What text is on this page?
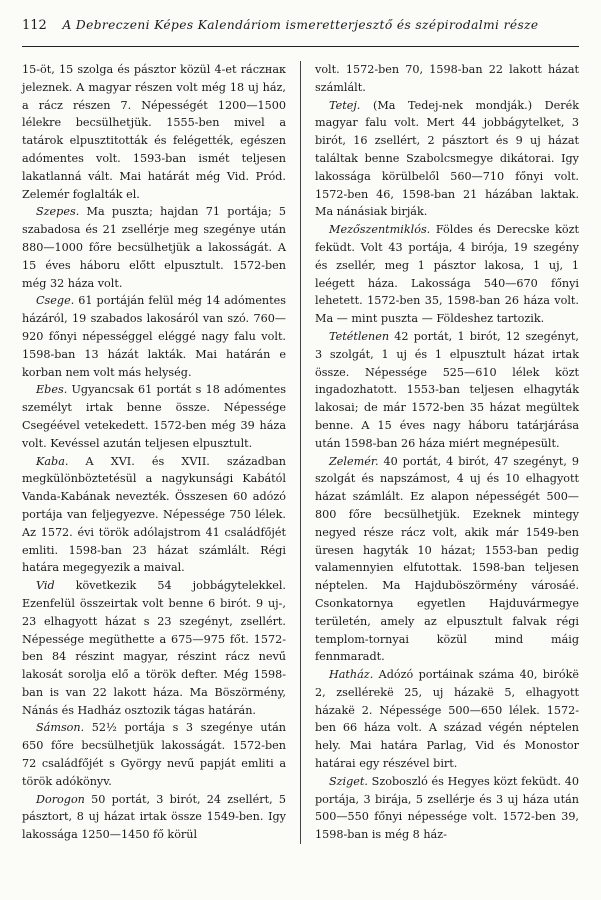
112	A Debreczeni Képes Kalendáriom ismeretterjesztő és szépirodalmi része

15-öt, 15 szolga és pásztor közül 4-et ráczнак jeleznek. A magyar részen volt még 18 uj ház, a rácz részen 7. Népességét 1200—1500 lélekre becsülhetjük. 1555-ben mivel a tatárok elpusztitották és felégették, egészen adómentes volt. 1593-ban ismét teljesen lakatlanná vált. Mai határát még Vid. Pród. Zelemér foglalták el.

Szepes. Ma puszta; hajdan 71 portája; 5 szabadosa és 21 zsellérje meg szegénye után 880—1000 főre becsülhetjük a lakosságát. A 15 éves háboru előtt elpusztult. 1572-ben még 32 háza volt.

Csege. 61 portáján felül még 14 adómentes házáról, 19 szabados lakosáról van szó. 760—920 főnyi népességgel eléggé nagy falu volt. 1598-ban 13 házát lakták. Mai határán e korban nem volt más helység.

Ebes. Ugyancsak 61 portát s 18 adómentes személyt irtak benne össze. Népessége Csegéével vetekedett. 1572-ben még 39 háza volt. Kevéssel azután teljesen elpusztult.

Kaba. A XVI. és XVII. században megkülönböztetésül a nagykunsági Kabától Vanda-Kabának nevezték. Összesen 60 adózó portája van feljegyezve. Népessége 750 lélek. Az 1572. évi török adólajstrom 41 családfőjét emliti. 1598-ban 23 házat számlált. Régi határa megegyezik a maival.

Vid következik 54 jobbágytelekkel. Ezenfelül összeirtak volt benne 6 birót. 9 uj-, 23 elhagyott házat s 23 szegényt, zsellért. Népessége megüthette a 675—975 főt. 1572-ben 84 részint magyar, részint rácz nevű lakosát sorolja elő a török defter. Még 1598-ban is van 22 lakott háza. Ma Böszörmény, Nánás és Hadház osztozik tágas határán.

Sámson. 52½ portája s 3 szegénye után 650 főre becsülhetjük lakosságát. 1572-ben 72 családfőjét s György nevű papját emliti a török adókönyv.

Dorogon 50 portát, 3 birót, 24 zsellért, 5 pásztort, 8 uj házat irtak össze 1549-ben. Igy lakossága 1250—1450 fő körül

volt. 1572-ben 70, 1598-ban 22 lakott házat számlált.

Tetej. (Ma Tedej-nek mondják.) Derék magyar falu volt. Mert 44 jobbágytelket, 3 birót, 16 zsellért, 2 pásztort és 9 uj házat találtak benne Szabolcsmegye dikátorai. Igy lakossága körülbelől 560—710 főnyi volt. 1572-ben 46, 1598-ban 21 házában laktak. Ma nánásiak birják.

Mezőszentmiklós. Földes és Derecske közt feküdt. Volt 43 portája, 4 birója, 19 szegény és zsellér, meg 1 pásztor lakosa, 1 uj, 1 leégett háza. Lakossága 540—670 főnyi lehetett. 1572-ben 35, 1598-ban 26 háza volt. Ma — mint puszta — Földeshez tartozik.

Tetétlenen 42 portát, 1 birót, 12 szegényt, 3 szolgát, 1 uj és 1 elpusztult házat irtak össze. Népessége 525—610 lélek közt ingadozhatott. 1553-ban teljesen elhagyták lakosai; de már 1572-ben 35 házat megültek benne. A 15 éves nagy háboru tatárjárása után 1598-ban 26 háza miért megnépesült.

Zelemér. 40 portát, 4 birót, 47 szegényt, 9 szolgát és napszámost, 4 uj és 10 elhagyott házat számlált. Ez alapon népességét 500—800 főre becsülhetjük. Ezeknek mintegy negyed része rácz volt, akik már 1549-ben üresen hagyták 10 házat; 1553-ban pedig valamennyien elfutottak. 1598-ban teljesen néptelen. Ma Hajduböszörmény városáé. Csonkatornya egyetlen Hajduvármegye területén, amely az elpusztult falvak régi templom-tornyai közül mind máig fennmaradt.

Hatház. Adózó portáinak száma 40, birókë 2, zsellérekë 25, uj házakë 5, elhagyott házakë 2. Népessége 500—650 lélek. 1572-ben 66 háza volt. A század végén néptelen hely. Mai határa Parlag, Vid és Monostor határai egy részével birt.

Sziget. Szoboszló és Hegyes közt feküdt. 40 portája, 3 birája, 5 zsellérje és 3 uj háza után 500—550 főnyi népessége volt. 1572-ben 39, 1598-ban is még 8 ház-
